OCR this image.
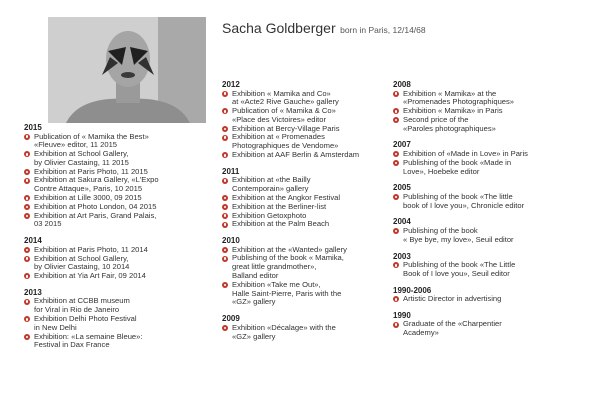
Sacha Goldberger born in Paris, 12/14/68
2015
Publication of « Mamika the Best»
«Fleuve» editor, 11 2015
Exhibition at School Gallery,
by Olivier Castaing, 11 2015
Exhibition at Paris Photo, 11 2015
Exhibition at Sakura Gallery, «L'Expo
Contre Attaque», Paris, 10 2015
Exhibition at Lille 3000, 09 2015
Exhibition at Photo London, 04 2015
Exhibition at Art Paris, Grand Palais,
03 2015
2014
Exhibition at Paris Photo, 11 2014
Exhibition at School Gallery,
by Olivier Castaing, 10 2014
Exhibition at Yia Art Fair, 09 2014
2013
Exhibition at CCBB museum
for Viral in Rio de Janeiro
Exhibition Delhi Photo Festival
in New Delhi
Exhibition: «La semaine Bleue»:
Festival in Dax France
2012
Exhibition « Mamika and Co»
at «Acte2 Rive Gauche» gallery
Publication of « Mamika & Co»
«Place des Victoires» editor
Exhibition at Bercy-Village Paris
Exhibition at « Promenades
Photographiques de Vendome»
Exhibition at AAF Berlin & Amsterdam
2011
Exhibition at «the Bailly
Contemporain» gallery
Exhibition at the Angkor Festival
Exhibition at the Berliner-list
Exhibition Getoxphoto
Exhibition at the Palm Beach
2010
Exhibition at the «Wanted» gallery
Publishing of the book « Mamika,
great little grandmother»,
Balland editor
Exhibition «Take me Out»,
Halle Saint-Pierre, Paris with the
«GZ» gallery
2009
Exhibition «Décalage» with the
«GZ» gallery
2008
Exhibition « Mamika» at the
«Promenades Photographiques»
Exhibition « Mamika» in Paris
Second price of the
«Paroles photographiques»
2007
Exhibition of «Made in Love» in Paris
Publishing of the book «Made in
Love», Hoebeke editor
2005
Publishing of the book «The little
book of I love you», Chronicle editor
2004
Publishing of the book
« Bye bye, my love», Seuil editor
2003
Publishing of the book «The Little
Book of I love you», Seuil editor
1990-2006
Artistic Director in advertising
1990
Graduate of the «Charpentier
Academy»
